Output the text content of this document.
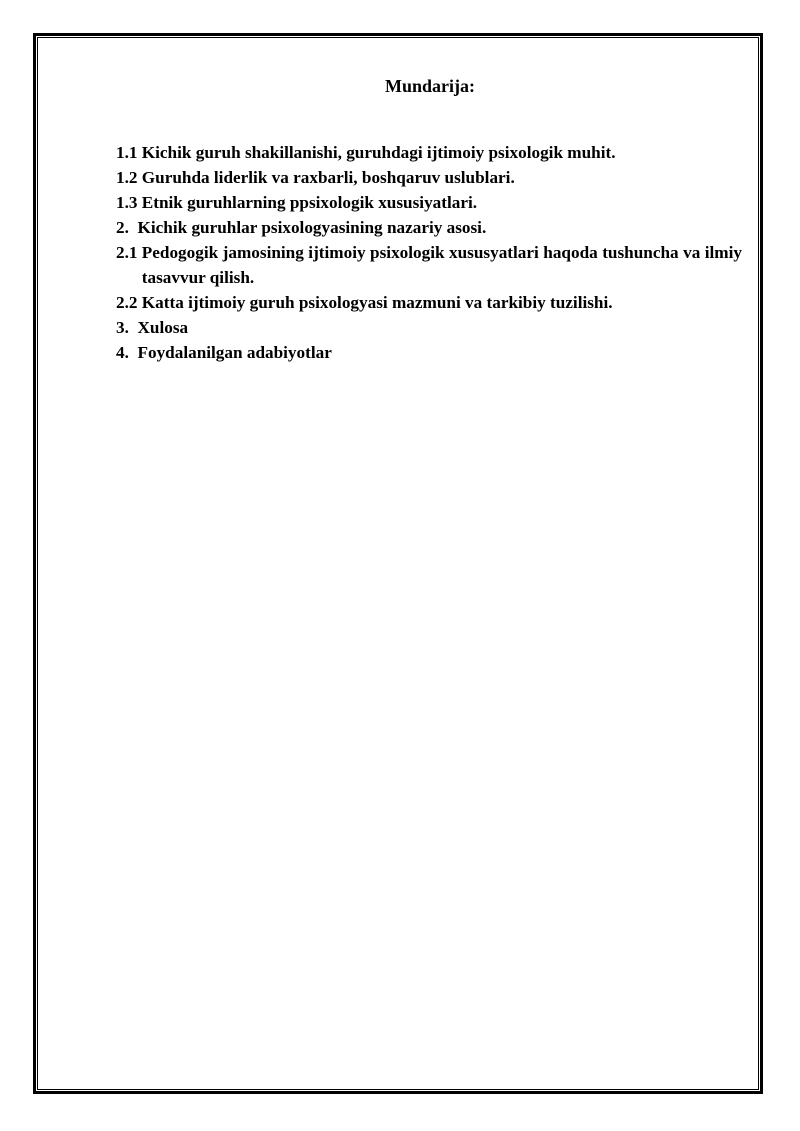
Mundarija:
1.1 Kichik guruh shakillanishi, guruhdagi ijtimoiy psixologik muhit.
1.2 Guruhda liderlik va raxbarli, boshqaruv uslublari.
1.3 Etnik guruhlarning ppsixologik xususiyatlari.
2. Kichik guruhlar psixologyasining nazariy asosi.
2.1 Pedogogik jamosining ijtimoiy psixologik xususyatlari haqoda tushuncha va ilmiy tasavvur qilish.
2.2 Katta ijtimoiy guruh psixologyasi mazmuni va tarkibiy tuzilishi.
3. Xulosa
4. Foydalanilgan adabiyotlar
